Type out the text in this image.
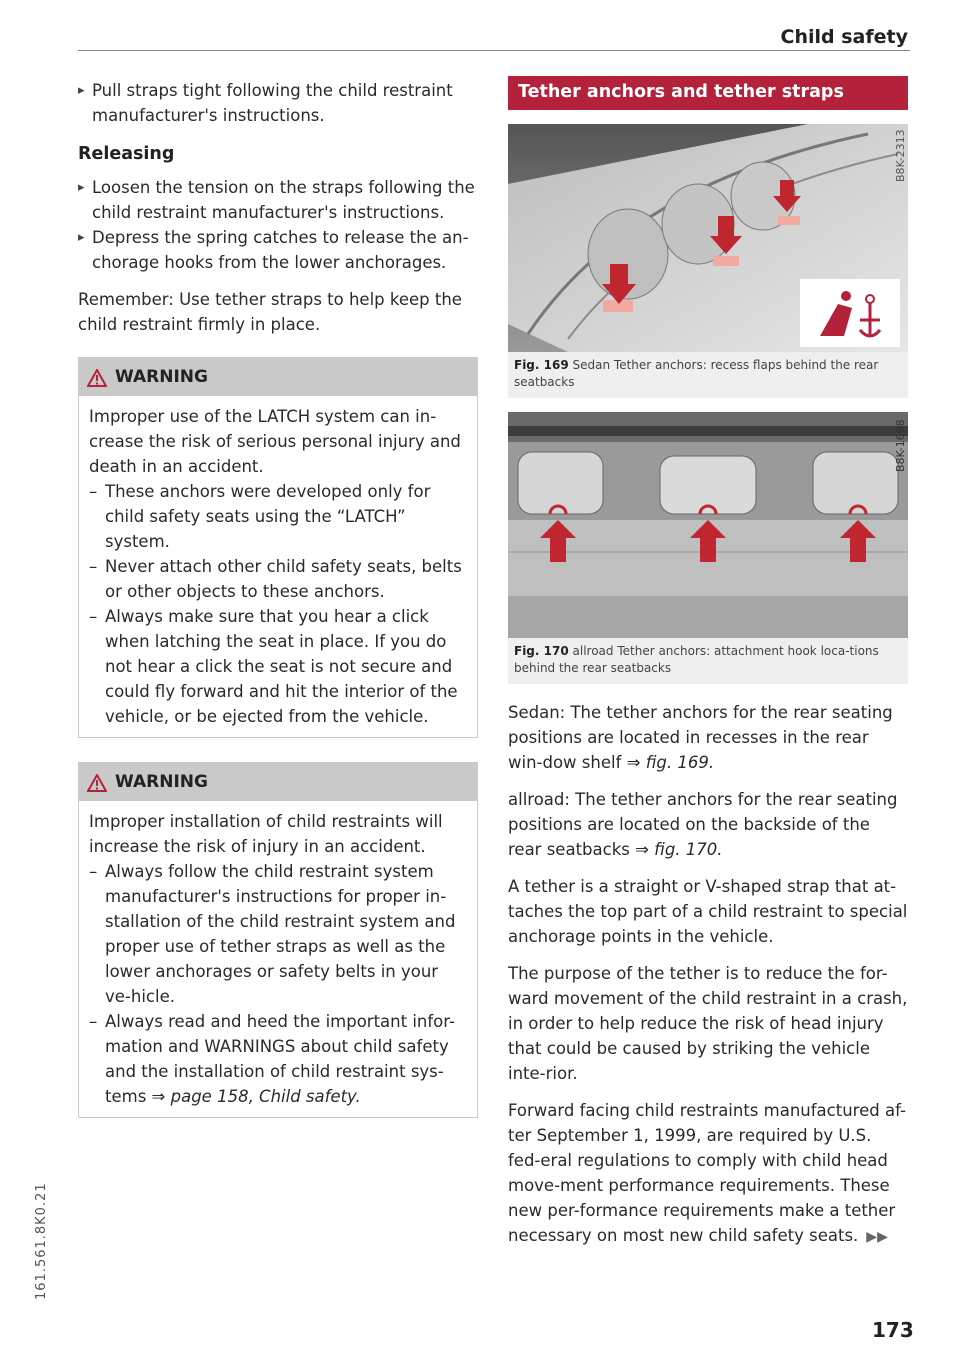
Child safety

▸ Pull straps tight following the child restraint manufacturer's instructions.

Releasing

▸ Loosen the tension on the straps following the child restraint manufacturer's instructions.

▸ Depress the spring catches to release the an-chorage hooks from the lower anchorages.

Remember: Use tether straps to help keep the child restraint firmly in place.

WARNING

Improper use of the LATCH system can in-crease the risk of serious personal injury and death in an accident.

– These anchors were developed only for child safety seats using the “LATCH” system.

– Never attach other child safety seats, belts or other objects to these anchors.

– Always make sure that you hear a click when latching the seat in place. If you do not hear a click the seat is not secure and could fly forward and hit the interior of the vehicle, or be ejected from the vehicle.

WARNING

Improper installation of child restraints will increase the risk of injury in an accident.

– Always follow the child restraint system manufacturer's instructions for proper in-stallation of the child restraint system and proper use of tether straps as well as the lower anchorages or safety belts in your ve-hicle.

– Always read and heed the important infor-mation and WARNINGS about child safety and the installation of child restraint sys-tems ⇒ page 158, Child safety.

Tether anchors and tether straps
B8K-2313
Fig. 169 Sedan Tether anchors: recess flaps behind the rear seatbacks
B8K-1698
Fig. 170 allroad Tether anchors: attachment hook loca-tions behind the rear seatbacks

Sedan: The tether anchors for the rear seating positions are located in recesses in the rear win-dow shelf ⇒ fig. 169.

allroad: The tether anchors for the rear seating positions are located on the backside of the rear seatbacks ⇒ fig. 170.

A tether is a straight or V-shaped strap that at-taches the top part of a child restraint to special anchorage points in the vehicle.

The purpose of the tether is to reduce the for-ward movement of the child restraint in a crash, in order to help reduce the risk of head injury that could be caused by striking the vehicle inte-rior.

Forward facing child restraints manufactured af-ter September 1, 1999, are required by U.S. fed-eral regulations to comply with child head move-ment performance requirements. These new per-formance requirements make a tether necessary on most new child safety seats. ▶▶

161.561.8K0.21
173
